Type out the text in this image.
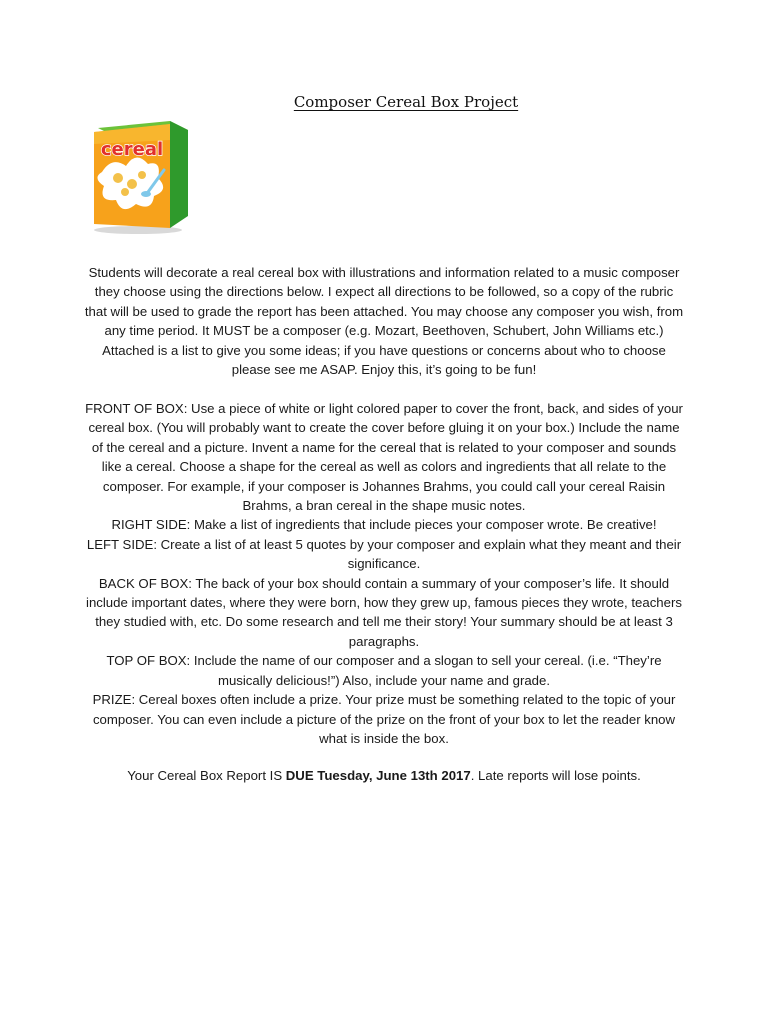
Composer Cereal Box Project
cereal

Students will decorate a real cereal box with illustrations and information related to a music composer they choose using the directions below. I expect all directions to be followed, so a copy of the rubric that will be used to grade the report has been attached. You may choose any composer you wish, from any time period. It MUST be a composer (e.g. Mozart, Beethoven, Schubert, John Williams etc.) Attached is a list to give you some ideas; if you have questions or concerns about who to choose please see me ASAP. Enjoy this, it’s going to be fun!

FRONT OF BOX: Use a piece of white or light colored paper to cover the front, back, and sides of your cereal box. (You will probably want to create the cover before gluing it on your box.) Include the name of the cereal and a picture. Invent a name for the cereal that is related to your composer and sounds like a cereal. Choose a shape for the cereal as well as colors and ingredients that all relate to the composer. For example, if your composer is Johannes Brahms, you could call your cereal Raisin Brahms, a bran cereal in the shape music notes.

RIGHT SIDE: Make a list of ingredients that include pieces your composer wrote. Be creative!

LEFT SIDE: Create a list of at least 5 quotes by your composer and explain what they meant and their significance.

BACK OF BOX: The back of your box should contain a summary of your composer’s life. It should include important dates, where they were born, how they grew up, famous pieces they wrote, teachers they studied with, etc. Do some research and tell me their story! Your summary should be at least 3 paragraphs.

TOP OF BOX: Include the name of our composer and a slogan to sell your cereal. (i.e. “They’re musically delicious!”) Also, include your name and grade.

PRIZE: Cereal boxes often include a prize. Your prize must be something related to the topic of your composer. You can even include a picture of the prize on the front of your box to let the reader know what is inside the box.

Your Cereal Box Report IS DUE Tuesday, June 13th 2017. Late reports will lose points.
